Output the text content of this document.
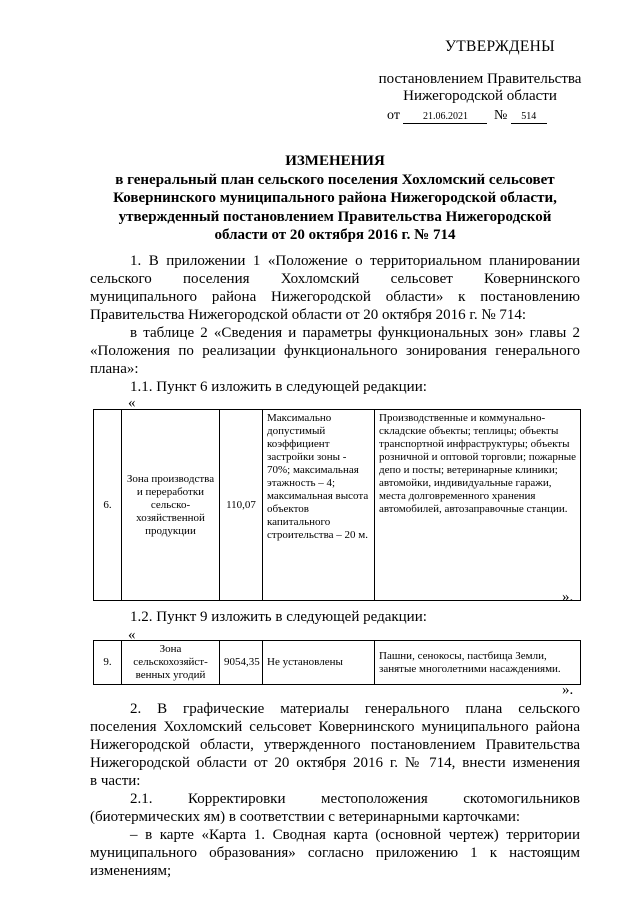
УТВЕРЖДЕНЫ
постановлением Правительства
Нижегородской области
от 21.06.2021 № 514
ИЗМЕНЕНИЯ
в генеральный план сельского поселения Хохломский сельсовет
Ковернинского муниципального района Нижегородской области,
утвержденный постановлением Правительства Нижегородской
области от 20 октября 2016 г. № 714
1. В приложении 1 «Положение о территориальном планировании
сельского поселения Хохломский сельсовет Ковернинского
муниципального района Нижегородской области» к постановлению
Правительства Нижегородской области от 20 октября 2016 г. № 714:
в таблице 2 «Сведения и параметры функциональных зон» главы 2
«Положения по реализации функционального зонирования генерального
плана»:
1.1. Пункт 6 изложить в следующей редакции:
«
6.	Зона производства и переработки сельско-хозяйственной продукции	110,07	Максимально допустимый коэффициент застройки зоны - 70%; максимальная этажность – 4; максимальная высота объектов капитального строительства – 20 м.	Производственные и коммунально-складские объекты; теплицы; объекты транспортной инфраструктуры; объекты розничной и оптовой торговли; пожарные депо и посты; ветеринарные клиники; автомойки, индивидуальные гаражи, места долговременного хранения автомобилей, автозаправочные станции.
».
1.2. Пункт 9 изложить в следующей редакции:
«
9.	Зона сельскохозяйст-венных угодий	9054,35	Не установлены	Пашни, сенокосы, пастбища Земли, занятые многолетними насаждениями.
».
2. В графические материалы генерального плана сельского
поселения Хохломский сельсовет Ковернинского муниципального района
Нижегородской области, утвержденного постановлением Правительства
Нижегородской области от 20 октября 2016 г. № 714, внести изменения
в части:
2.1. Корректировки местоположения скотомогильников
(биотермических ям) в соответствии с ветеринарными карточками:
– в карте «Карта 1. Сводная карта (основной чертеж) территории
муниципального образования» согласно приложению 1 к настоящим
изменениям;
